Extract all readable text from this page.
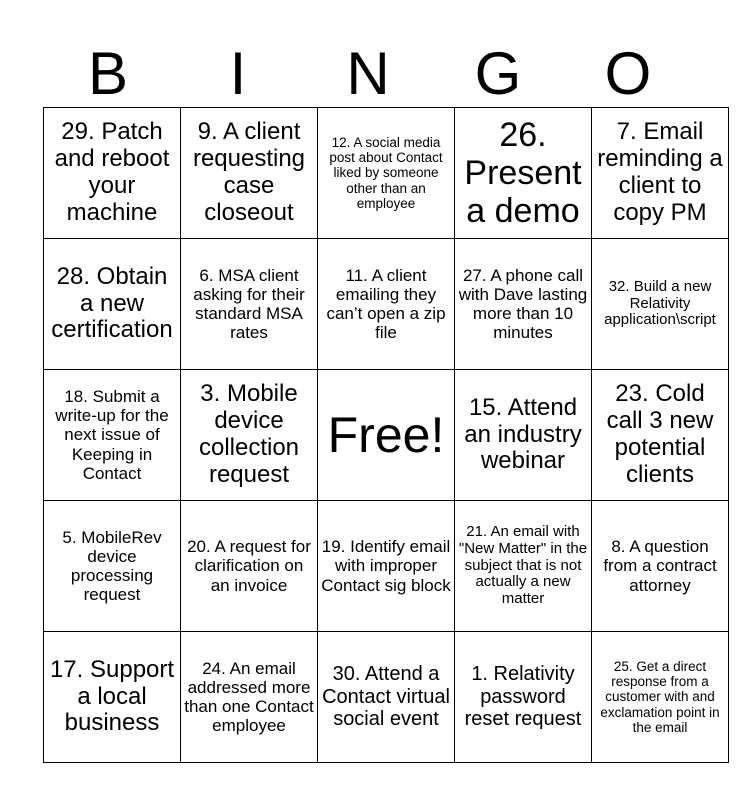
B	I	N	G	O
29. Patch and reboot your machine	9. A client requesting case closeout	12. A social media post about Contact liked by someone other than an employee	26. Present a demo	7. Email reminding a client to copy PM
28. Obtain a new certification	6. MSA client asking for their standard MSA rates	11. A client emailing they can’t open a zip file	27. A phone call with Dave lasting more than 10 minutes	32. Build a new Relativity application\script
18. Submit a write-up for the next issue of Keeping in Contact	3. Mobile device collection request	Free!	15. Attend an industry webinar	23. Cold call 3 new potential clients
5. MobileRev device processing request	20. A request for clarification on an invoice	19. Identify email with improper Contact sig block	21. An email with "New Matter" in the subject that is not actually a new matter	8. A question from a contract attorney
17. Support a local business	24. An email addressed more than one Contact employee	30. Attend a Contact virtual social event	1. Relativity password reset request	25. Get a direct response from a customer with and exclamation point in the email
